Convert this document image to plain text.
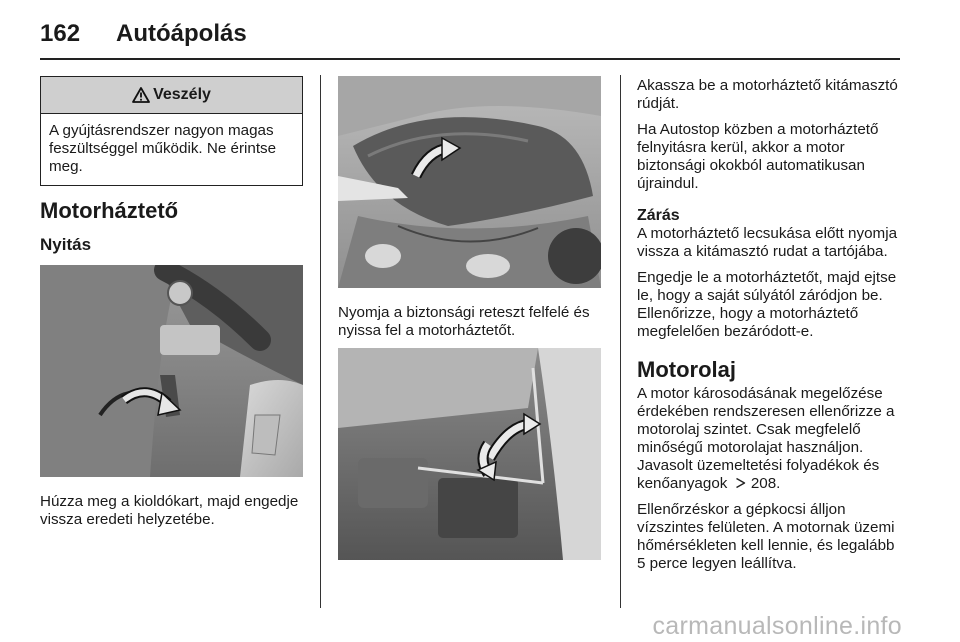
162 Autóápolás
Veszély
A gyújtásrendszer nagyon magas feszültséggel működik. Ne érintse meg.
Motorháztető
Nyitás
Húzza meg a kioldókart, majd engedje vissza eredeti helyzetébe.
Nyomja a biztonsági reteszt felfelé és nyissa fel a motorháztetőt.
Akassza be a motorháztető kitámasztó rúdját.
Ha Autostop közben a motorháztető felnyitásra kerül, akkor a motor biztonsági okokból automatikusan újraindul.
Zárás
A motorháztető lecsukása előtt nyomja vissza a kitámasztó rudat a tartójába.
Engedje le a motorháztetőt, majd ejtse le, hogy a saját súlyától záródjon be. Ellenőrizze, hogy a motorháztető megfelelően bezáródott-e.
Motorolaj
A motor károsodásának megelőzése érdekében rendszeresen ellenőrizze a motorolaj szintet. Csak megfelelő minőségű motorolajat használjon. Javasolt üzemeltetési folyadékok és kenőanyagok 208.
Ellenőrzéskor a gépkocsi álljon vízszintes felületen. A motornak üzemi hőmérsékleten kell lennie, és legalább 5 perce legyen leállítva.
carmanualsonline.info
